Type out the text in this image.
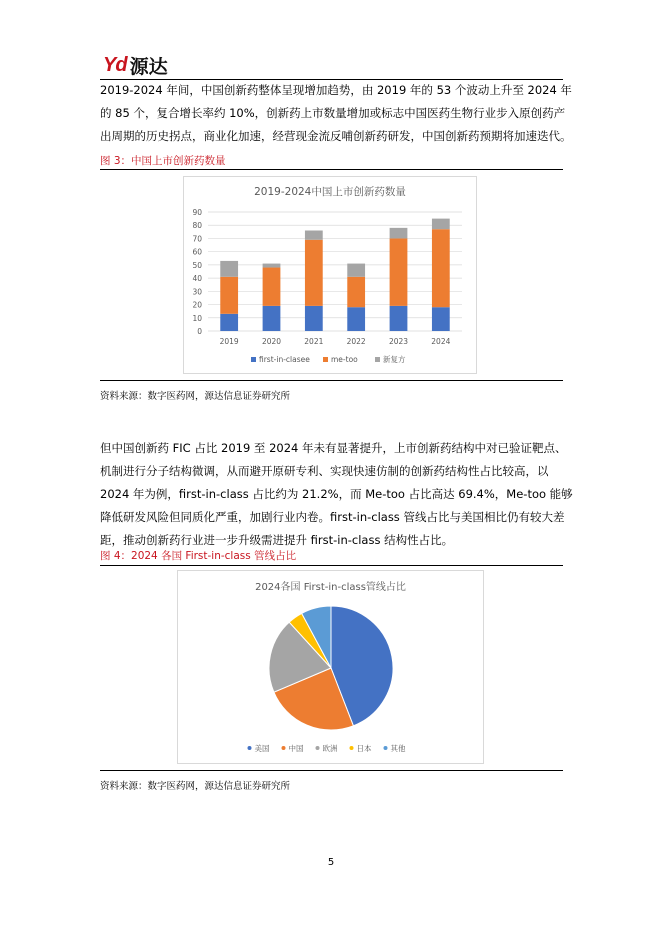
Yd 源达
2019-2024 年间，中国创新药整体呈现增加趋势，由 2019 年的 53 个波动上升至 2024 年
的 85 个，复合增长率约 10%，创新药上市数量增加或标志中国医药生物行业步入原创药产
出周期的历史拐点，商业化加速，经营现金流反哺创新药研发，中国创新药预期将加速迭代。
图 3：中国上市创新药数量
2019-2024中国上市创新药数量
0
10
20
30
40
50
60
70
80
90
2019	2020	2021	2022	2023	2024
first-in-clasee	me-too	新复方
资料来源：数字医药网，源达信息证券研究所
但中国创新药 FIC 占比 2019 至 2024 年未有显著提升，上市创新药结构中对已验证靶点、
机制进行分子结构微调，从而避开原研专利、实现快速仿制的创新药结构性占比较高，以
2024 年为例，first-in-class 占比约为 21.2%，而 Me-too 占比高达 69.4%，Me-too 能够
降低研发风险但同质化严重，加剧行业内卷。first-in-class 管线占比与美国相比仍有较大差
距，推动创新药行业进一步升级需进提升 first-in-class 结构性占比。
图 4：2024 各国 First-in-class 管线占比
2024各国 First-in-class管线占比
美国	中国	欧洲	日本	其他
资料来源：数字医药网，源达信息证券研究所
5
